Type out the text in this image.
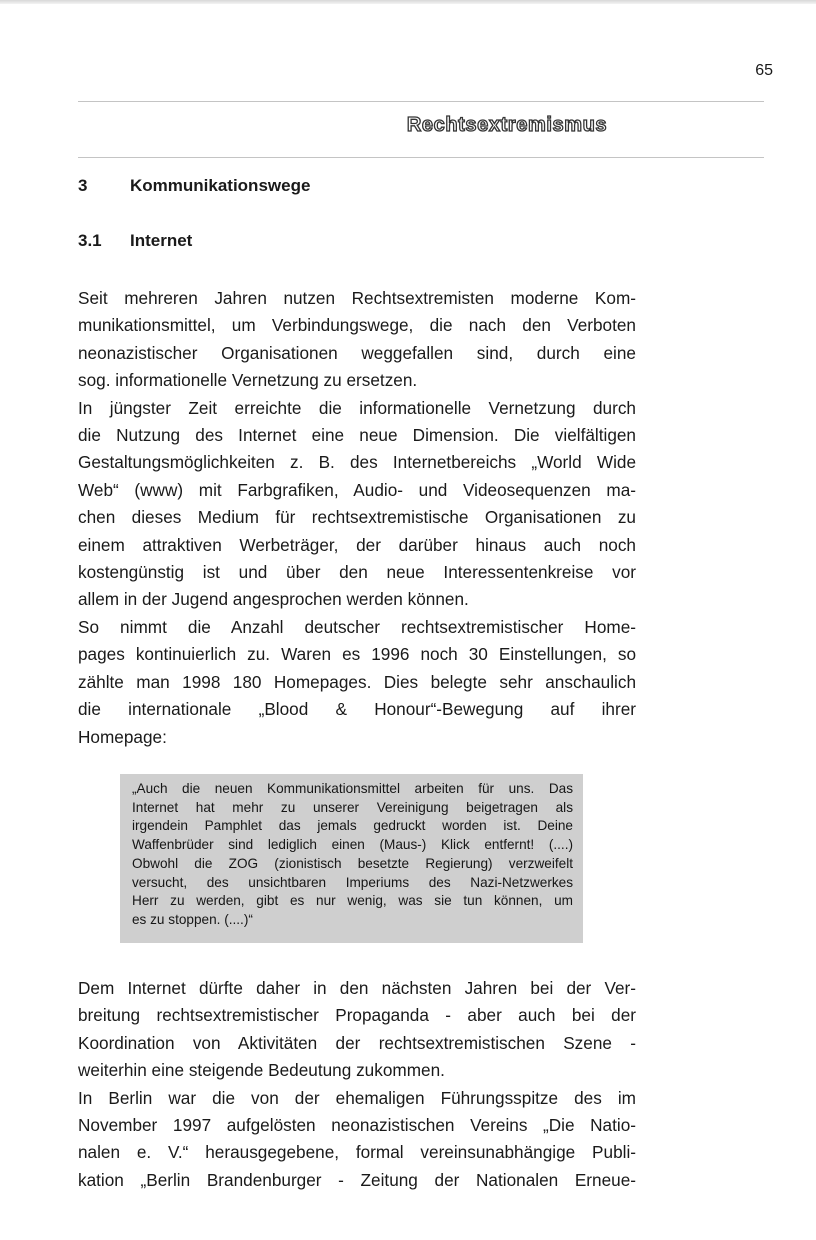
65
Rechtsextremismus
3	Kommunikationswege
3.1	Internet
Seit mehreren Jahren nutzen Rechtsextremisten moderne Kom-
munikationsmittel, um Verbindungswege, die nach den Verboten
neonazistischer Organisationen weggefallen sind, durch eine
sog. informationelle Vernetzung zu ersetzen.
In jüngster Zeit erreichte die informationelle Vernetzung durch
die Nutzung des Internet eine neue Dimension. Die vielfältigen
Gestaltungsmöglichkeiten z. B. des Internetbereichs „World Wide
Web“ (www) mit Farbgrafiken, Audio- und Videosequenzen ma-
chen dieses Medium für rechtsextremistische Organisationen zu
einem attraktiven Werbeträger, der darüber hinaus auch noch
kostengünstig ist und über den neue Interessentenkreise vor
allem in der Jugend angesprochen werden können.
So nimmt die Anzahl deutscher rechtsextremistischer Home-
pages kontinuierlich zu. Waren es 1996 noch 30 Einstellungen, so
zählte man 1998 180 Homepages. Dies belegte sehr anschaulich
die internationale „Blood & Honour“-Bewegung auf ihrer
Homepage:
„Auch die neuen Kommunikationsmittel arbeiten für uns. Das
Internet hat mehr zu unserer Vereinigung beigetragen als
irgendein Pamphlet das jemals gedruckt worden ist. Deine
Waffenbrüder sind lediglich einen (Maus-) Klick entfernt! (....)
Obwohl die ZOG (zionistisch besetzte Regierung) verzweifelt
versucht, des unsichtbaren Imperiums des Nazi-Netzwerkes
Herr zu werden, gibt es nur wenig, was sie tun können, um
es zu stoppen. (....)“
Dem Internet dürfte daher in den nächsten Jahren bei der Ver-
breitung rechtsextremistischer Propaganda - aber auch bei der
Koordination von Aktivitäten der rechtsextremistischen Szene -
weiterhin eine steigende Bedeutung zukommen.
In Berlin war die von der ehemaligen Führungsspitze des im
November 1997 aufgelösten neonazistischen Vereins „Die Natio-
nalen e. V.“ herausgegebene, formal vereinsunabhängige Publi-
kation „Berlin Brandenburger - Zeitung der Nationalen Erneue-
